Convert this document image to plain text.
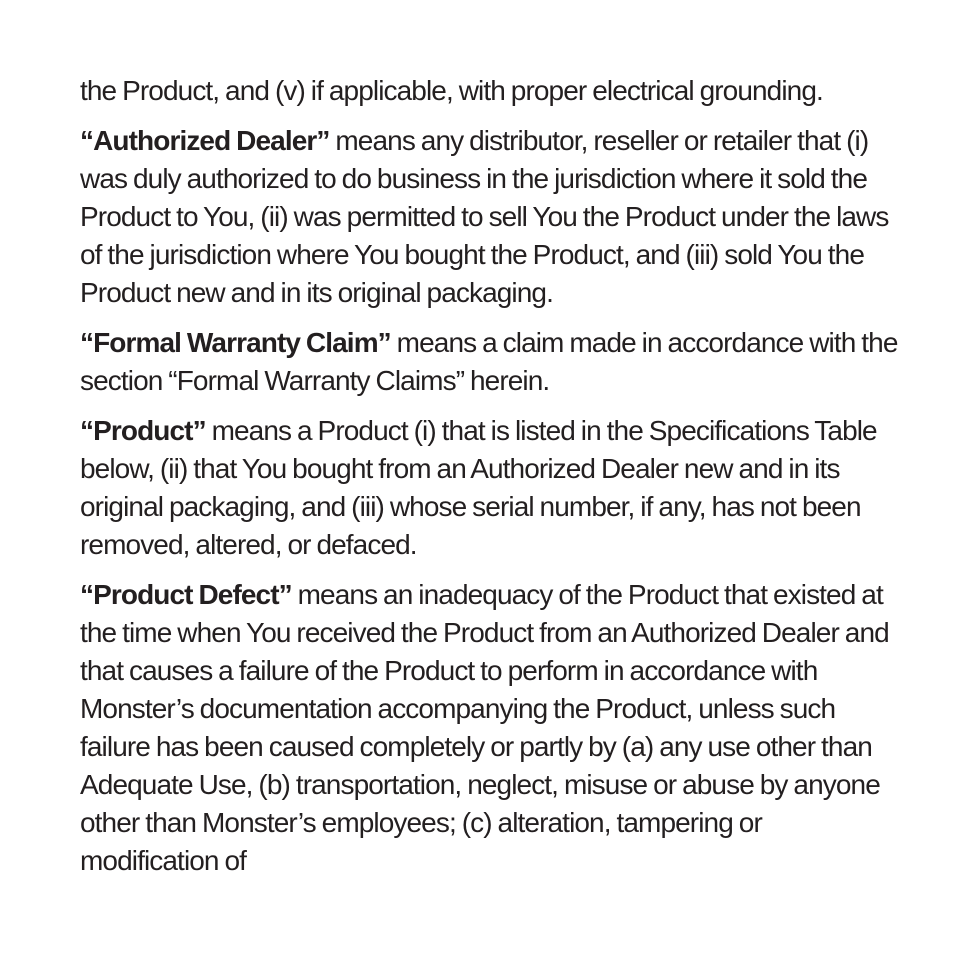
the Product, and (v) if applicable, with proper electrical grounding.

“Authorized Dealer” means any distributor, reseller or retailer that (i) was duly authorized to do business in the jurisdiction where it sold the Product to You, (ii) was permitted to sell You the Product under the laws of the jurisdiction where You bought the Product, and (iii) sold You the Product new and in its original packaging.

“Formal Warranty Claim” means a claim made in accordance with the section “Formal Warranty Claims” herein.

“Product” means a Product (i) that is listed in the Specifications Table below, (ii) that You bought from an Authorized Dealer new and in its original packaging, and (iii) whose serial number, if any, has not been removed, altered, or defaced.

“Product Defect” means an inadequacy of the Product that existed at the time when You received the Product from an Authorized Dealer and that causes a failure of the Product to perform in accordance with Monster’s documentation accompanying the Product, unless such failure has been caused completely or partly by (a) any use other than Adequate Use, (b) transportation, neglect, misuse or abuse by anyone other than Monster’s employees; (c) alteration, tampering or modification of
